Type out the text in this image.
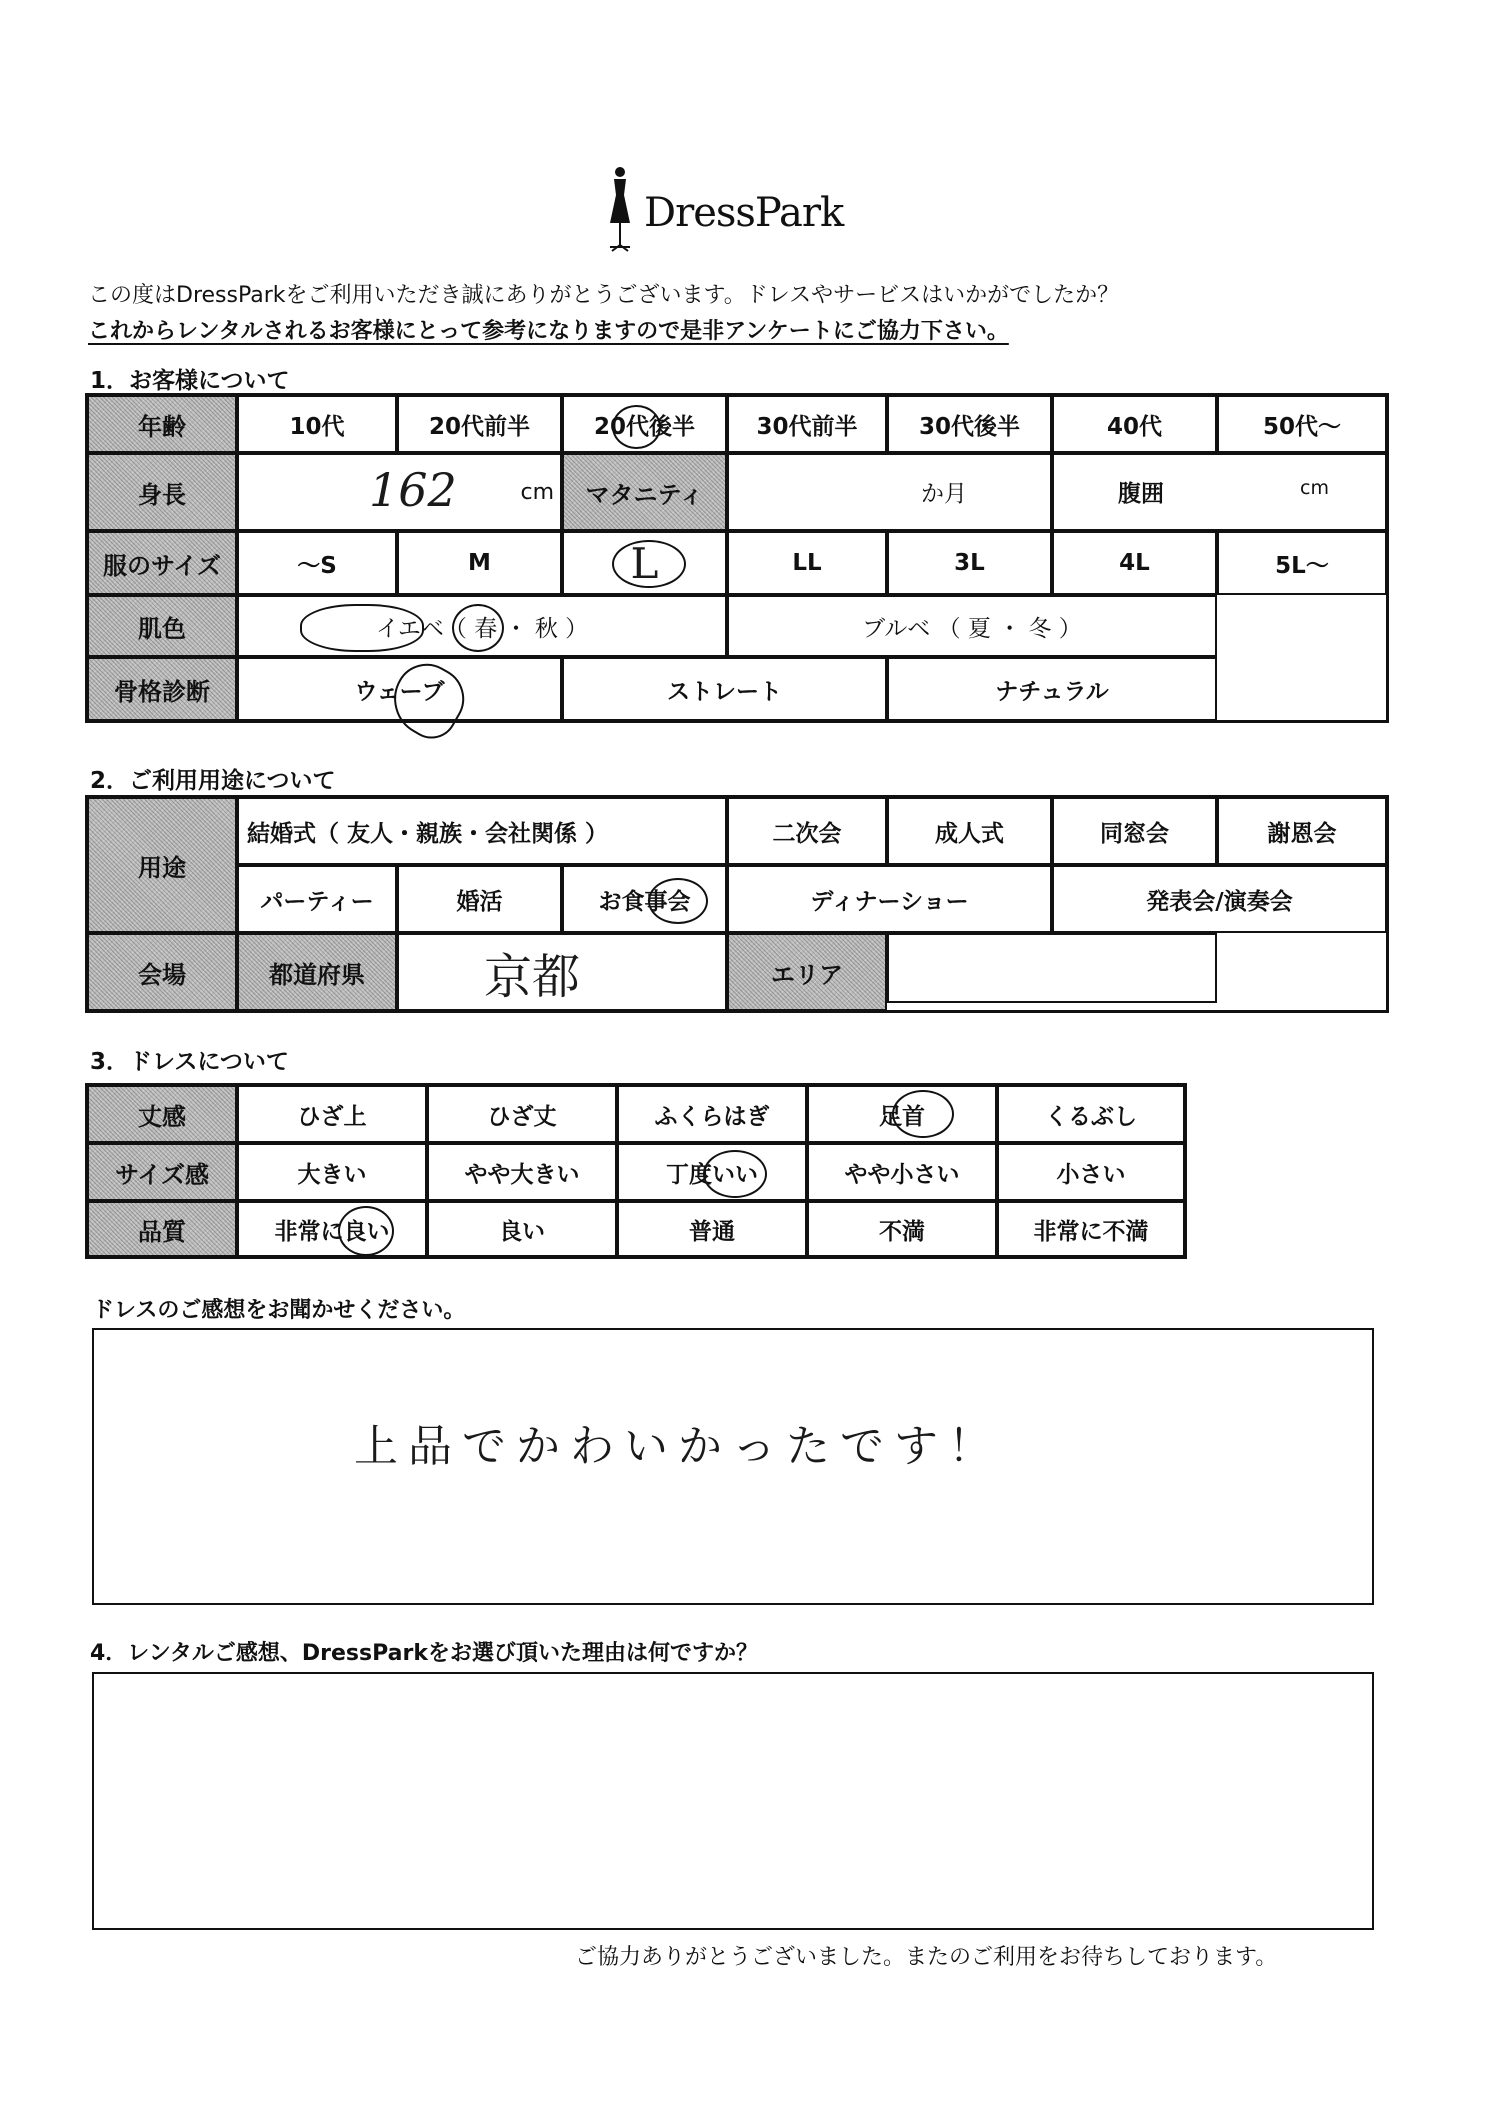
DressPark
この度はDressParkをご利用いただき誠にありがとうございます。ドレスやサービスはいかがでしたか？
これからレンタルされるお客様にとって参考になりますので是非アンケートにご協力下さい。
1．お客様について
年齢	10代	20代前半	20代後半	30代前半	30代後半	40代	50代～
身長	162	cm	マタニティ	か月	腹囲	cm
服のサイズ	～S	M	L	LL	3L	4L	5L～
肌色	イエベ（ 春 ・ 秋 ）	ブルベ （ 夏 ・ 冬 ）
骨格診断	ウェーブ	ストレート	ナチュラル
2．ご利用用途について
用途
結婚式（ 友人・親族・会社関係 ）	二次会	成人式	同窓会	謝恩会
パーティー	婚活	お食事会	ディナーショー	発表会/演奏会
会場	都道府県	京都	エリア
3．ドレスについて
丈感	ひざ上	ひざ丈	ふくらはぎ	足首	くるぶし
サイズ感	大きい	やや大きい	丁度いい	やや小さい	小さい
品質	非常に良い	良い	普通	不満	非常に不満
ドレスのご感想をお聞かせください。
上品でかわいかったです！
4．レンタルご感想、DressParkをお選び頂いた理由は何ですか？
ご協力ありがとうございました。またのご利用をお待ちしております。
